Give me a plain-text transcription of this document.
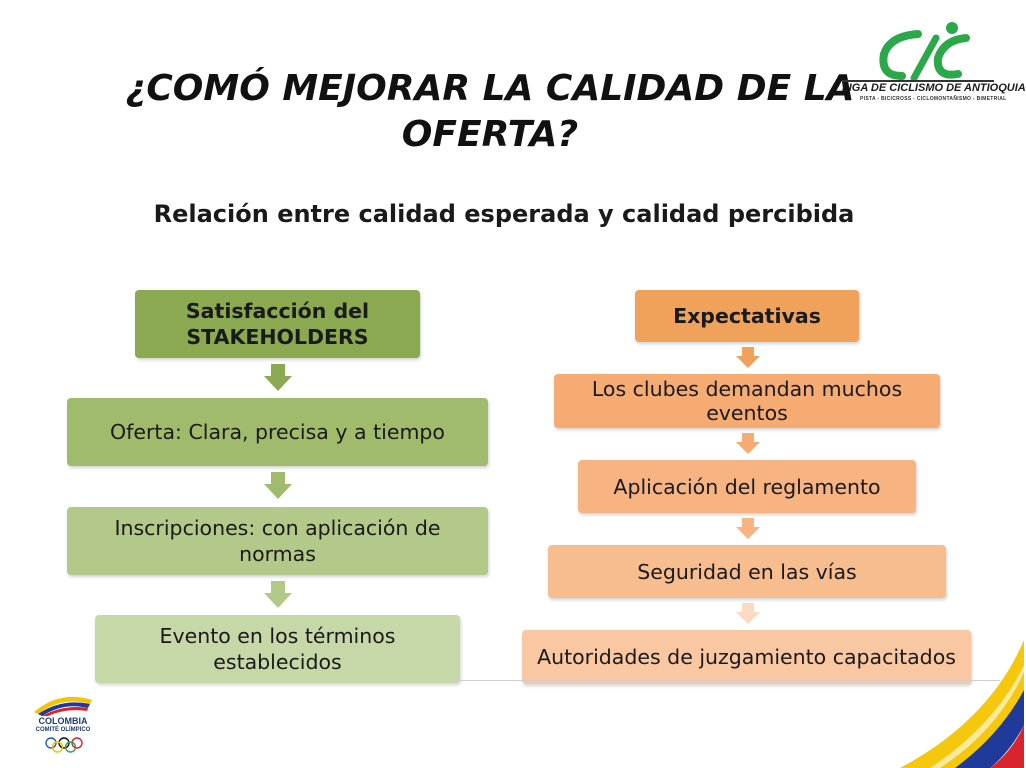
¿COMÓ MEJORAR LA CALIDAD DE LA OFERTA?
LIGA DE CICLISMO DE ANTIOQUIA
PISTA - BICICROSS - CICLOMONTAÑISMO - BIMETRIAL
Relación entre calidad esperada y calidad percibida
Satisfacción del STAKEHOLDERS
Oferta: Clara, precisa y a tiempo
Inscripciones: con aplicación de normas
Evento en los términos establecidos
Expectativas
Los clubes demandan muchos eventos
Aplicación del reglamento
Seguridad en las vías
Autoridades de juzgamiento capacitados
COLOMBIA
COMITÉ OLÍMPICO
